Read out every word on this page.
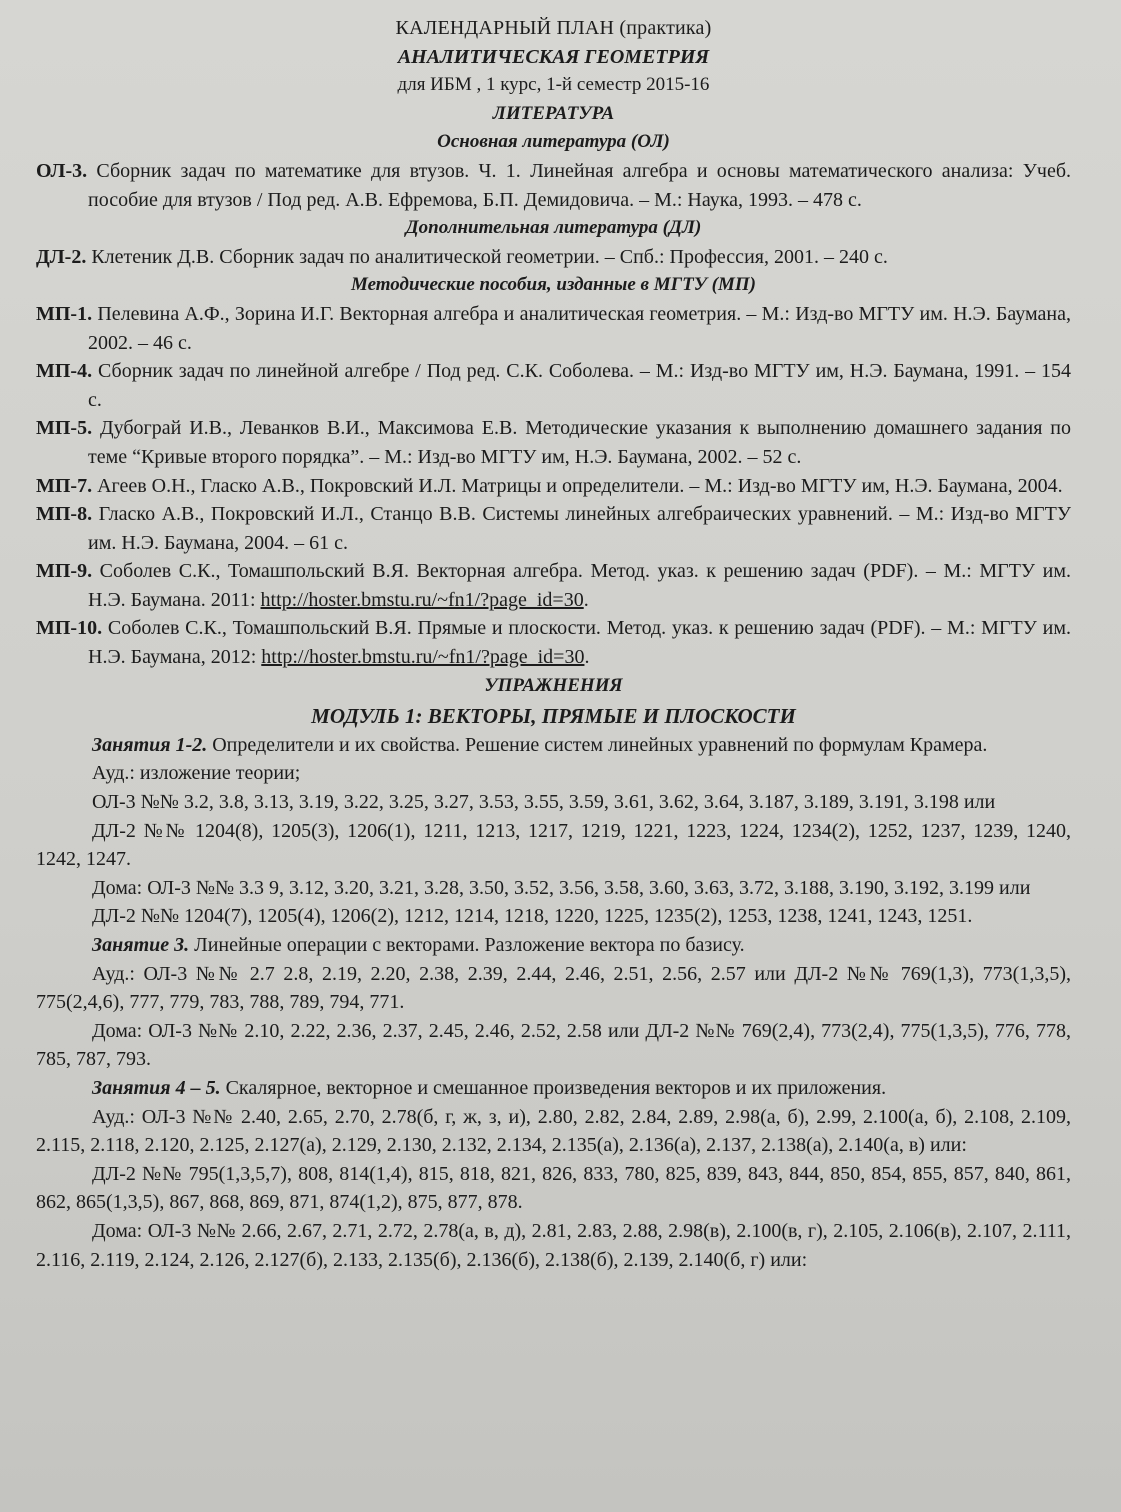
КАЛЕНДАРНЫЙ ПЛАН (практика)
АНАЛИТИЧЕСКАЯ ГЕОМЕТРИЯ
для ИБМ , 1 курс, 1-й семестр 2015-16
ЛИТЕРАТУРА
Основная литература (ОЛ)

ОЛ-3. Сборник задач по математике для втузов. Ч. 1. Линейная алгебра и основы математического анализа: Учеб. пособие для втузов / Под ред. А.В. Ефремова, Б.П. Демидовича. – М.: Наука, 1993. – 478 с.

Дополнительная литература (ДЛ)

ДЛ-2. Клетеник Д.В. Сборник задач по аналитической геометрии. – Спб.: Профессия, 2001. – 240 с.

Методические пособия, изданные в МГТУ (МП)

МП-1. Пелевина А.Ф., Зорина И.Г. Векторная алгебра и аналитическая геометрия. – М.: Изд-во МГТУ им. Н.Э. Баумана, 2002. – 46 с.

МП-4. Сборник задач по линейной алгебре / Под ред. С.К. Соболева. – М.: Изд-во МГТУ им, Н.Э. Баумана, 1991. – 154 с.

МП-5. Дубограй И.В., Леванков В.И., Максимова Е.В. Методические указания к выполнению домашнего задания по теме “Кривые второго порядка”. – М.: Изд-во МГТУ им, Н.Э. Баумана, 2002. – 52 с.

МП-7. Агеев О.Н., Гласко А.В., Покровский И.Л. Матрицы и определители. – М.: Изд-во МГТУ им, Н.Э. Баумана, 2004.

МП-8. Гласко А.В., Покровский И.Л., Станцо В.В. Системы линейных алгебраических уравнений. – М.: Изд-во МГТУ им. Н.Э. Баумана, 2004. – 61 с.

МП-9. Соболев С.К., Томашпольский В.Я. Векторная алгебра. Метод. указ. к решению задач (PDF). – М.: МГТУ им. Н.Э. Баумана. 2011: http://hoster.bmstu.ru/~fn1/?page_id=30.

МП-10. Соболев С.К., Томашпольский В.Я. Прямые и плоскости. Метод. указ. к решению задач (PDF). – М.: МГТУ им. Н.Э. Баумана, 2012: http://hoster.bmstu.ru/~fn1/?page_id=30.

УПРАЖНЕНИЯ
МОДУЛЬ 1: ВЕКТОРЫ, ПРЯМЫЕ И ПЛОСКОСТИ

Занятия 1-2. Определители и их свойства. Решение систем линейных уравнений по формулам Крамера.

Ауд.: изложение теории;

ОЛ-3 №№ 3.2, 3.8, 3.13, 3.19, 3.22, 3.25, 3.27, 3.53, 3.55, 3.59, 3.61, 3.62, 3.64, 3.187, 3.189, 3.191, 3.198 или

ДЛ-2 №№ 1204(8), 1205(3), 1206(1), 1211, 1213, 1217, 1219, 1221, 1223, 1224, 1234(2), 1252, 1237, 1239, 1240, 1242, 1247.

Дома: ОЛ-3 №№ 3.3 9, 3.12, 3.20, 3.21, 3.28, 3.50, 3.52, 3.56, 3.58, 3.60, 3.63, 3.72, 3.188, 3.190, 3.192, 3.199 или

ДЛ-2 №№ 1204(7), 1205(4), 1206(2), 1212, 1214, 1218, 1220, 1225, 1235(2), 1253, 1238, 1241, 1243, 1251.

Занятие 3. Линейные операции с векторами. Разложение вектора по базису.

Ауд.: ОЛ-3 №№ 2.7 2.8, 2.19, 2.20, 2.38, 2.39, 2.44, 2.46, 2.51, 2.56, 2.57 или ДЛ-2 №№ 769(1,3), 773(1,3,5), 775(2,4,6), 777, 779, 783, 788, 789, 794, 771.

Дома: ОЛ-3 №№ 2.10, 2.22, 2.36, 2.37, 2.45, 2.46, 2.52, 2.58 или ДЛ-2 №№ 769(2,4), 773(2,4), 775(1,3,5), 776, 778, 785, 787, 793.

Занятия 4 – 5. Скалярное, векторное и смешанное произведения векторов и их приложения.

Ауд.: ОЛ-3 №№ 2.40, 2.65, 2.70, 2.78(б, г, ж, з, и), 2.80, 2.82, 2.84, 2.89, 2.98(а, б), 2.99, 2.100(а, б), 2.108, 2.109, 2.115, 2.118, 2.120, 2.125, 2.127(а), 2.129, 2.130, 2.132, 2.134, 2.135(а), 2.136(а), 2.137, 2.138(а), 2.140(а, в) или:

ДЛ-2 №№ 795(1,3,5,7), 808, 814(1,4), 815, 818, 821, 826, 833, 780, 825, 839, 843, 844, 850, 854, 855, 857, 840, 861, 862, 865(1,3,5), 867, 868, 869, 871, 874(1,2), 875, 877, 878.

Дома: ОЛ-3 №№ 2.66, 2.67, 2.71, 2.72, 2.78(а, в, д), 2.81, 2.83, 2.88, 2.98(в), 2.100(в, г), 2.105, 2.106(в), 2.107, 2.111, 2.116, 2.119, 2.124, 2.126, 2.127(б), 2.133, 2.135(б), 2.136(б), 2.138(б), 2.139, 2.140(б, г) или:
